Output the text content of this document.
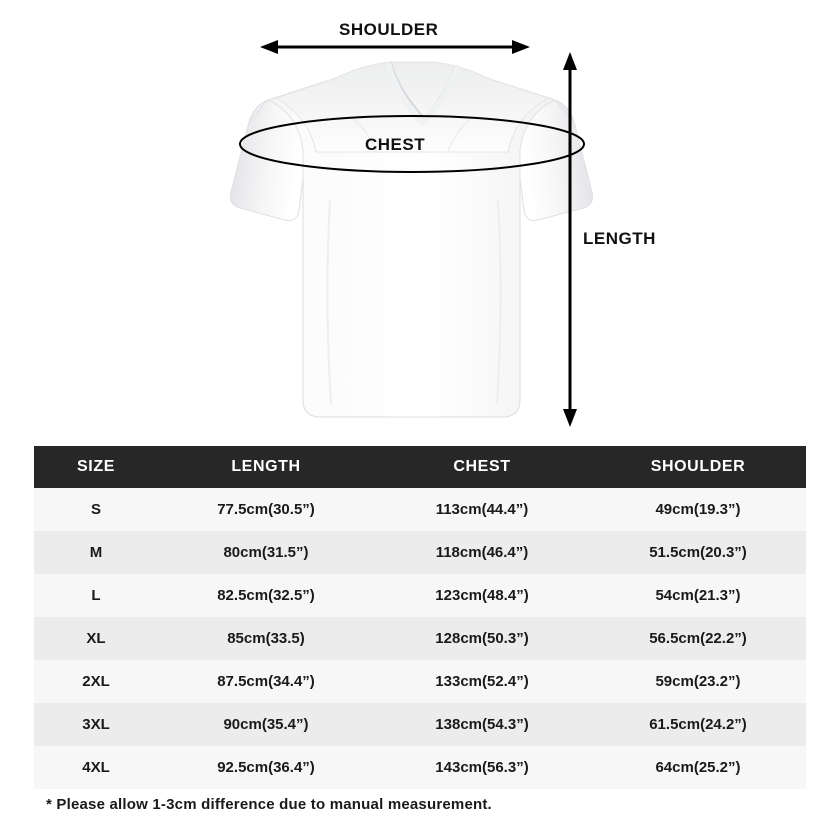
SHOULDER
CHEST
LENGTH
SIZE	LENGTH	CHEST	SHOULDER
S	77.5cm(30.5”)	113cm(44.4”)	49cm(19.3”)
M	80cm(31.5”)	118cm(46.4”)	51.5cm(20.3”)
L	82.5cm(32.5”)	123cm(48.4”)	54cm(21.3”)
XL	85cm(33.5)	128cm(50.3”)	56.5cm(22.2”)
2XL	87.5cm(34.4”)	133cm(52.4”)	59cm(23.2”)
3XL	90cm(35.4”)	138cm(54.3”)	61.5cm(24.2”)
4XL	92.5cm(36.4”)	143cm(56.3”)	64cm(25.2”)
* Please allow 1-3cm difference due to manual measurement.
